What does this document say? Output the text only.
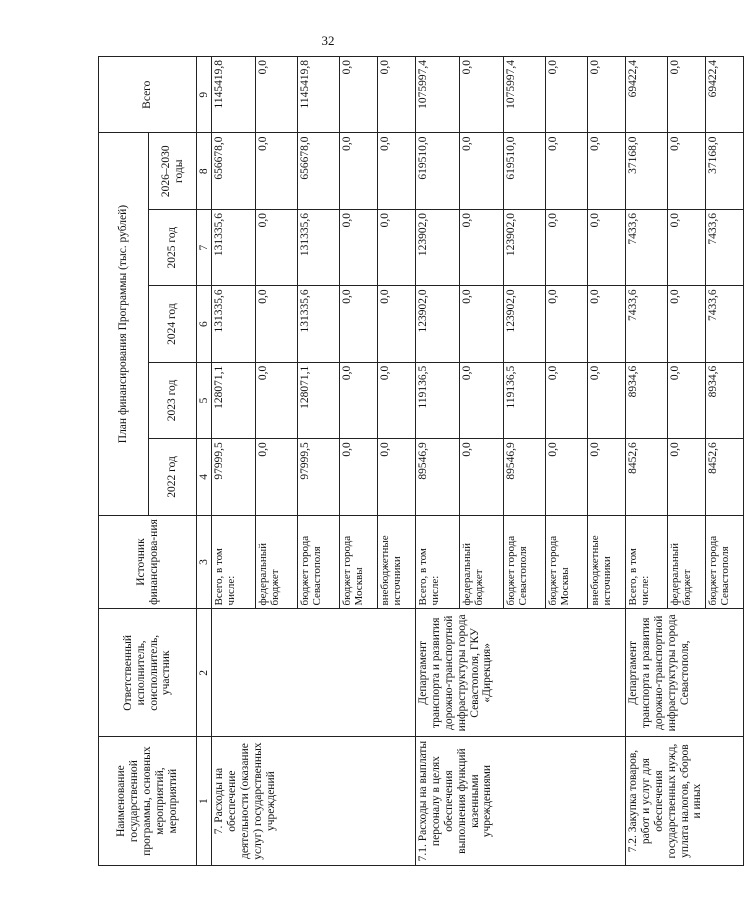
32
Наименование государственной программы, основных мероприятий, мероприятий	Ответственный исполнитель, соисполнитель, участник	Источник финансирова-ния	План финансирования Программы (тыс. рублей)					Всего
			2022 год	2023 год	2024 год	2025 год	2026–2030 годы	
1	2	3	4	5	6	7	8	9
7. Расходы на обеспечение деятельности (оказание услуг) государственных учреждений		Всего, в том числе:	97999,5	128071,1	131335,6	131335,6	656678,0	1145419,8
		федеральный бюджет	0,0	0,0	0,0	0,0	0,0	0,0
		бюджет города Севастополя	97999,5	128071,1	131335,6	131335,6	656678,0	1145419,8
		бюджет города Москвы	0,0	0,0	0,0	0,0	0,0	0,0
		внебюджетные источники	0,0	0,0	0,0	0,0	0,0	0,0
7.1. Расходы на выплаты персоналу в целях обеспечения выполнения функций казенными учреждениями	Департамент транспорта и развития дорожно-транспортной инфраструктуры города Севастополя, ГКУ «Дирекция»	Всего, в том числе:	89546,9	119136,5	123902,0	123902,0	619510,0	1075997,4
		федеральный бюджет	0,0	0,0	0,0	0,0	0,0	0,0
		бюджет города Севастополя	89546,9	119136,5	123902,0	123902,0	619510,0	1075997,4
		бюджет города Москвы	0,0	0,0	0,0	0,0	0,0	0,0
		внебюджетные источники	0,0	0,0	0,0	0,0	0,0	0,0
7.2. Закупка товаров, работ и услуг для обеспечения государственных нужд, уплата налогов, сборов и иных	Департамент транспорта и развития дорожно-транспортной инфраструктуры города Севастополя,	Всего, в том числе:	8452,6	8934,6	7433,6	7433,6	37168,0	69422,4
		федеральный бюджет	0,0	0,0	0,0	0,0	0,0	0,0
		бюджет города Севастополя	8452,6	8934,6	7433,6	7433,6	37168,0	69422,4
